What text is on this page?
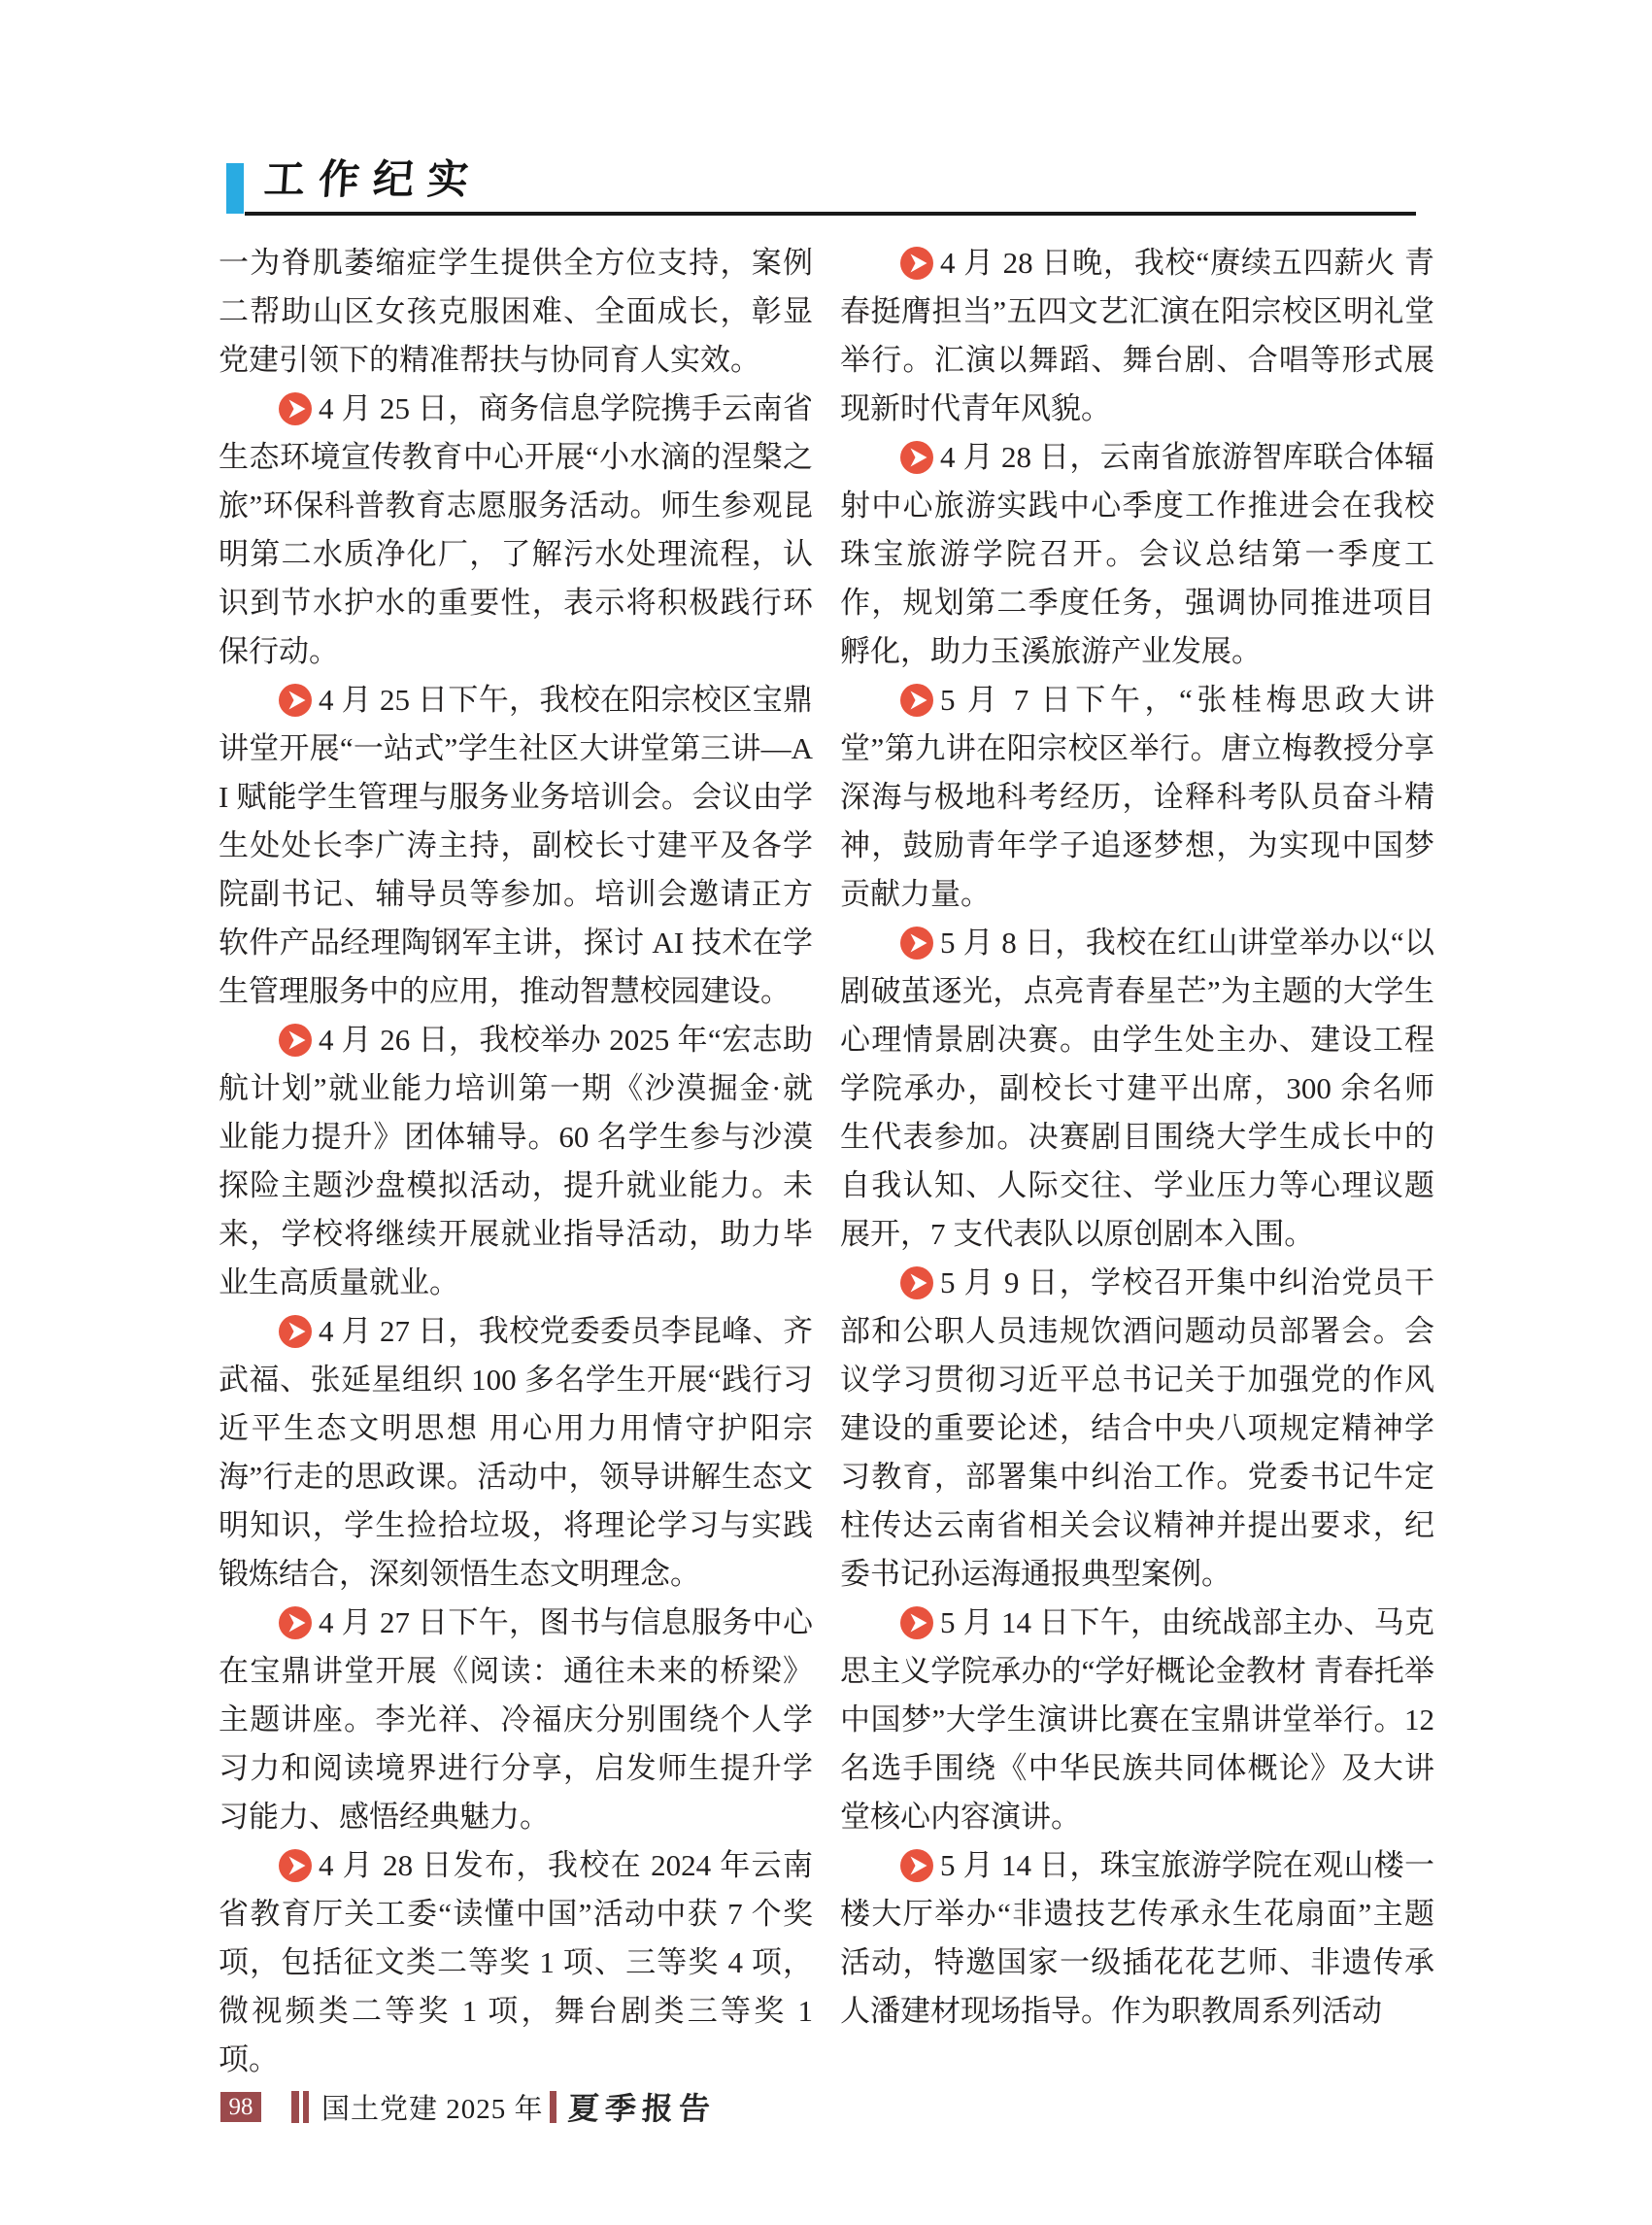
工作纪实

一为脊肌萎缩症学生提供全方位支持，案例二帮助山区女孩克服困难、全面成长，彰显党建引领下的精准帮扶与协同育人实效。

4 月 25 日，商务信息学院携手云南省生态环境宣传教育中心开展“小水滴的涅槃之旅”环保科普教育志愿服务活动。师生参观昆明第二水质净化厂，了解污水处理流程，认识到节水护水的重要性，表示将积极践行环保行动。

4 月 25 日下午，我校在阳宗校区宝鼎讲堂开展“一站式”学生社区大讲堂第三讲—AI 赋能学生管理与服务业务培训会。会议由学生处处长李广涛主持，副校长寸建平及各学院副书记、辅导员等参加。培训会邀请正方软件产品经理陶钢军主讲，探讨 AI 技术在学生管理服务中的应用，推动智慧校园建设。

4 月 26 日，我校举办 2025 年“宏志助航计划”就业能力培训第一期《沙漠掘金·就业能力提升》团体辅导。60 名学生参与沙漠探险主题沙盘模拟活动，提升就业能力。未来，学校将继续开展就业指导活动，助力毕业生高质量就业。

4 月 27 日，我校党委委员李昆峰、齐武福、张延星组织 100 多名学生开展“践行习近平生态文明思想 用心用力用情守护阳宗海”行走的思政课。活动中，领导讲解生态文明知识，学生捡拾垃圾，将理论学习与实践锻炼结合，深刻领悟生态文明理念。

4 月 27 日下午，图书与信息服务中心在宝鼎讲堂开展《阅读：通往未来的桥梁》主题讲座。李光祥、冷福庆分别围绕个人学习力和阅读境界进行分享，启发师生提升学习能力、感悟经典魅力。

4 月 28 日发布，我校在 2024 年云南省教育厅关工委“读懂中国”活动中获 7 个奖项，包括征文类二等奖 1 项、三等奖 4 项，微视频类二等奖 1 项，舞台剧类三等奖 1 项。

4 月 28 日晚，我校“赓续五四薪火 青春挺膺担当”五四文艺汇演在阳宗校区明礼堂举行。汇演以舞蹈、舞台剧、合唱等形式展现新时代青年风貌。

4 月 28 日，云南省旅游智库联合体辐射中心旅游实践中心季度工作推进会在我校珠宝旅游学院召开。会议总结第一季度工作，规划第二季度任务，强调协同推进项目孵化，助力玉溪旅游产业发展。

5 月 7 日下午，“张桂梅思政大讲堂”第九讲在阳宗校区举行。唐立梅教授分享深海与极地科考经历，诠释科考队员奋斗精神，鼓励青年学子追逐梦想，为实现中国梦贡献力量。

5 月 8 日，我校在红山讲堂举办以“以剧破茧逐光，点亮青春星芒”为主题的大学生心理情景剧决赛。由学生处主办、建设工程学院承办，副校长寸建平出席，300 余名师生代表参加。决赛剧目围绕大学生成长中的自我认知、人际交往、学业压力等心理议题展开，7 支代表队以原创剧本入围。

5 月 9 日，学校召开集中纠治党员干部和公职人员违规饮酒问题动员部署会。会议学习贯彻习近平总书记关于加强党的作风建设的重要论述，结合中央八项规定精神学习教育，部署集中纠治工作。党委书记牛定柱传达云南省相关会议精神并提出要求，纪委书记孙运海通报典型案例。

5 月 14 日下午，由统战部主办、马克思主义学院承办的“学好概论金教材 青春托举中国梦”大学生演讲比赛在宝鼎讲堂举行。12 名选手围绕《中华民族共同体概论》及大讲堂核心内容演讲。

5 月 14 日，珠宝旅游学院在观山楼一楼大厅举办“非遗技艺传承永生花扇面”主题活动，特邀国家一级插花花艺师、非遗传承人潘建材现场指导。作为职教周系列活动

98 国土党建 2025 年 夏季报告
